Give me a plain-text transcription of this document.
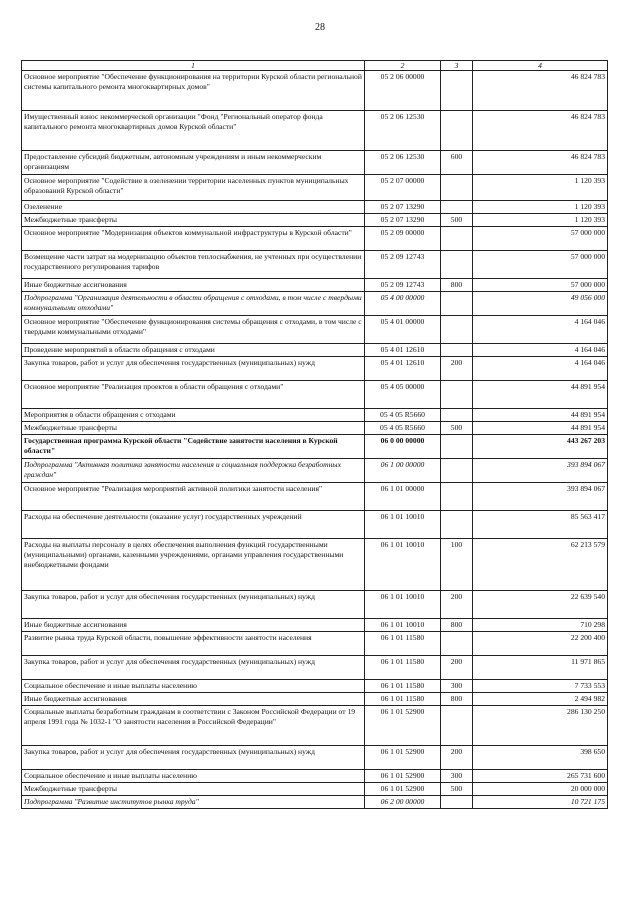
28
1	2	3	4
Основное мероприятие "Обеспечение функционирования на территории Курской области региональной системы капитального ремонта многоквартирных домов"	05 2 06 00000		46 824 783
Имущественный взнос некоммерческой организации "Фонд "Региональный оператор фонда капитального ремонта многоквартирных домов Курской области"	05 2 06 12530		46 824 783
Предоставление субсидий бюджетным, автономным учреждениям и иным некоммерческим организациям	05 2 06 12530	600	46 824 783
Основное мероприятие "Содействие в озеленении территории населенных пунктов муниципальных образований Курской области"	05 2 07 00000		1 120 393
Озеленение	05 2 07 13290		1 120 393
Межбюджетные трансферты	05 2 07 13290	500	1 120 393
Основное мероприятие "Модернизация объектов коммунальной инфраструктуры в Курской области"	05 2 09 00000		57 000 000
Возмещение части затрат на модернизацию объектов теплоснабжения, не учтенных при осуществлении государственного регулирования тарифов	05 2 09 12743		57 000 000
Иные бюджетные ассигнования	05 2 09 12743	800	57 000 000
Подпрограмма "Организация деятельности в области обращения с отходами, в том числе с твердыми коммунальными отходами"	05 4 00 00000		49 056 000
Основное мероприятие "Обеспечение функционирования системы обращения с отходами, в том числе с твердыми коммунальными отходами"	05 4 01 00000		4 164 046
Проведение мероприятий в области обращения с отходами	05 4 01 12610		4 164 046
Закупка товаров, работ и услуг для обеспечения государственных (муниципальных) нужд	05 4 01 12610	200	4 164 046
Основное мероприятие "Реализация проектов в области обращения с отходами"	05 4 05 00000		44 891 954
Мероприятия в области обращения с отходами	05 4 05 R5660		44 891 954
Межбюджетные трансферты	05 4 05 R5660	500	44 891 954
Государственная программа Курской области "Содействие занятости населения в Курской области"	06 0 00 00000		443 267 203
Подпрограмма "Активная политика занятости населения и социальная поддержка безработных граждан"	06 1 00 00000		393 894 067
Основное мероприятие "Реализация мероприятий активной политики занятости населения"	06 1 01 00000		393 894 067
Расходы на обеспечение деятельности (оказание услуг) государственных учреждений	06 1 01 10010		85 563 417
Расходы на выплаты персоналу в целях обеспечения выполнения функций государственными (муниципальными) органами, казенными учреждениями, органами управления государственными внебюджетными фондами	06 1 01 10010	100	62 213 579
Закупка товаров, работ и услуг для обеспечения государственных (муниципальных) нужд	06 1 01 10010	200	22 639 540
Иные бюджетные ассигнования	06 1 01 10010	800	710 298
Развитие рынка труда Курской области, повышение эффективности занятости населения	06 1 01 11580		22 200 400
Закупка товаров, работ и услуг для обеспечения государственных (муниципальных) нужд	06 1 01 11580	200	11 971 865
Социальное обеспечение и иные выплаты населению	06 1 01 11580	300	7 733 553
Иные бюджетные ассигнования	06 1 01 11580	800	2 494 982
Социальные выплаты безработным гражданам в соответствии с Законом Российской Федерации от 19 апреля 1991 года № 1032-1 "О занятости населения в Российской Федерации"	06 1 01 52900		286 130 250
Закупка товаров, работ и услуг для обеспечения государственных (муниципальных) нужд	06 1 01 52900	200	398 650
Социальное обеспечение и иные выплаты населению	06 1 01 52900	300	265 731 600
Межбюджетные трансферты	06 1 01 52900	500	20 000 000
Подпрограмма "Развитие институтов рынка труда"	06 2 00 00000		10 721 175
